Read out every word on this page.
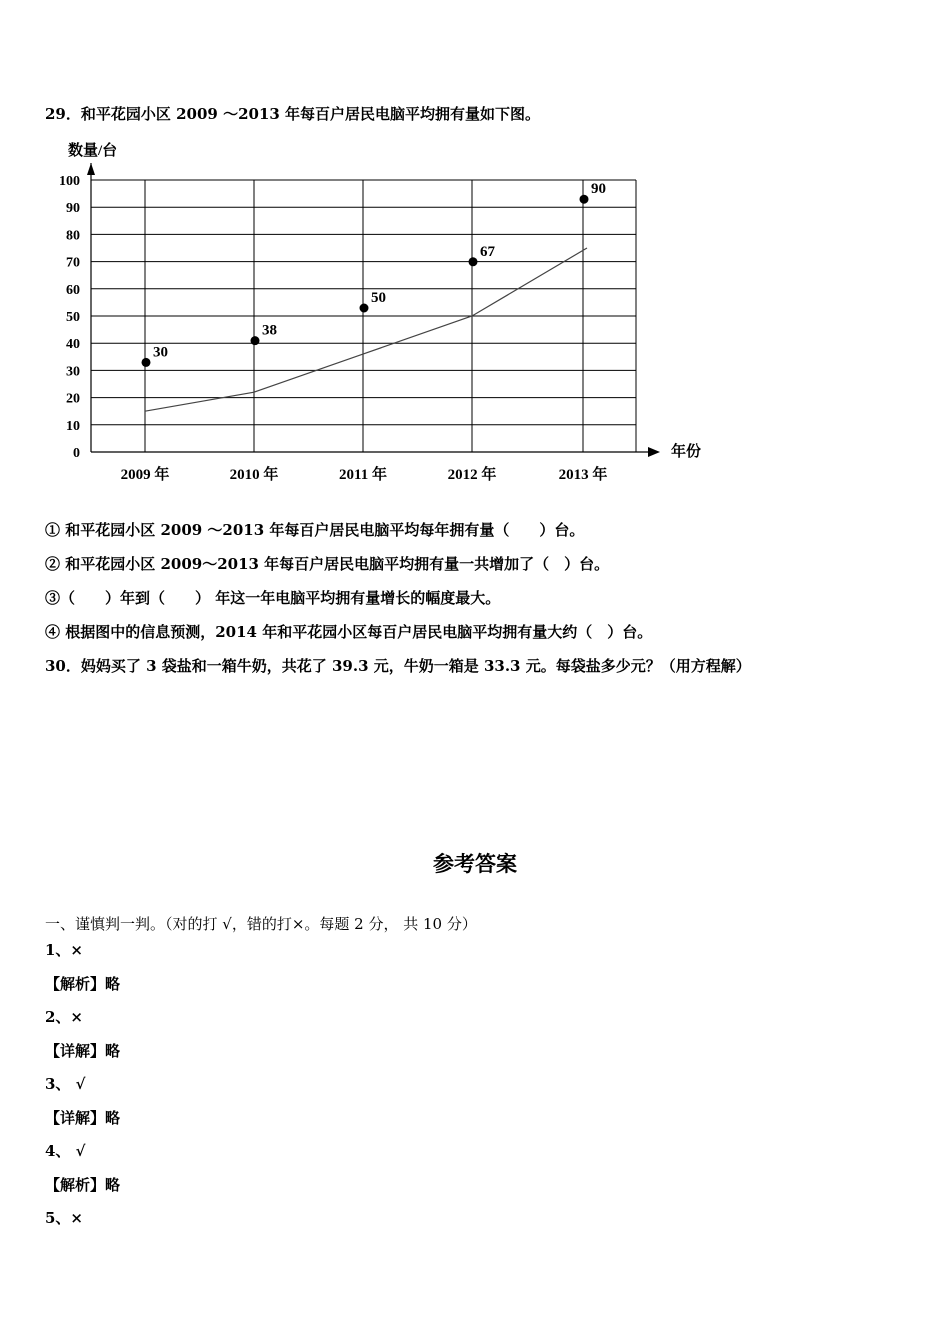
29．和平花园小区 2009 ～2013 年每百户居民电脑平均拥有量如下图。
数量/台
年份
0
10
20
30
40
50
60
70
80
90
100
2009 年	2010 年	2011 年	2012 年	2013 年
30
38
50
67
90
① 和平花园小区 2009 ～2013 年每百户居民电脑平均每年拥有量（　　）台。
② 和平花园小区 2009～2013 年每百户居民电脑平均拥有量一共增加了（　）台。
③（　　）年到（　　） 年这一年电脑平均拥有量增长的幅度最大。
④ 根据图中的信息预测，2014 年和平花园小区每百户居民电脑平均拥有量大约（　）台。
30．妈妈买了 3 袋盐和一箱牛奶，共花了 39.3 元，牛奶一箱是 33.3 元。每袋盐多少元？（用方程解）
参考答案
一、谨慎判一判。（对的打 √，错的打×。每题 2 分， 共 10 分）
1、×
【解析】略
2、×
【详解】略
3、 √
【详解】略
4、 √
【解析】略
5、×
